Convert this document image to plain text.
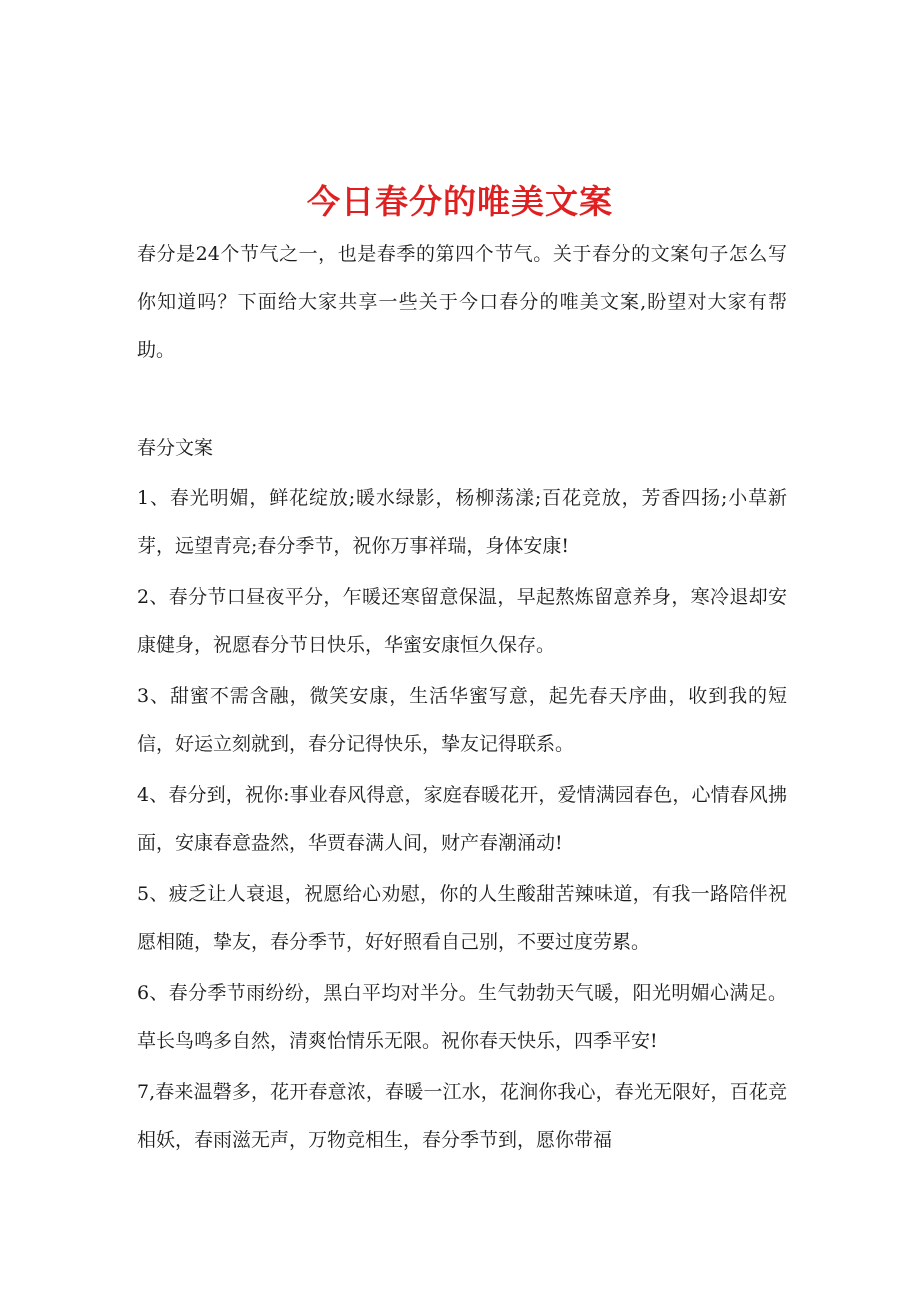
今日春分的唯美文案

春分是24个节气之一，也是春季的第四个节气。关于春分的文案句子怎么写你知道吗？下面给大家共享一些关于今口春分的唯美文案,盼望对大家有帮助。

春分文案

1、春光明媚，鲜花绽放;暖水绿影，杨柳荡漾;百花竞放，芳香四扬;小草新芽，远望青亮;春分季节，祝你万事祥瑞，身体安康!
2、春分节口昼夜平分，乍暖还寒留意保温，早起熬炼留意养身，寒冷退却安康健身，祝愿春分节日快乐，华蜜安康恒久保存。
3、甜蜜不需含融，微笑安康，生活华蜜写意，起先春天序曲，收到我的短信，好运立刻就到，春分记得快乐，挚友记得联系。
4、春分到，祝你:事业春风得意，家庭春暖花开，爱情满园春色，心情春风拂面，安康春意盎然，华贾春满人间，财产春潮涌动!
5、疲乏让人衰退，祝愿给心劝慰，你的人生酸甜苦辣味道，有我一路陪伴祝愿相随，挚友，春分季节，好好照看自己别，不要过度劳累。
6、春分季节雨纷纷，黑白平均对半分。生气勃勃天气暖，阳光明媚心满足。草长鸟鸣多自然，清爽怡情乐无限。祝你春天快乐，四季平安!
7,春来温磬多，花开春意浓，春暖一江水，花涧你我心，春光无限好，百花竞相妖，春雨滋无声，万物竞相生，春分季节到，愿你带福
